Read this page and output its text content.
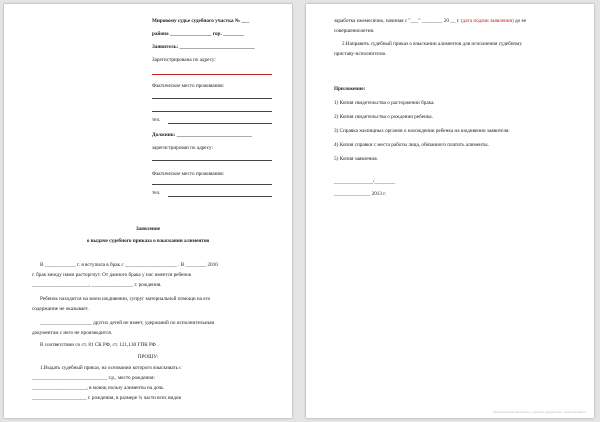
Мировому судье судебного участка № ___
района ________________ гор. ________
Заявитель: _____________________________
Зарегистрирована по адресу:
Фактическое место проживания:
тел.
Должник: _____________________________
зарегистрирован по адресу:
Фактическое место проживания:
тел.
Заявление
о выдаче судебного приказа о взыскании алиментов
В ____________ г. я вступила в брак с ____________________ . В ________ 2010
г. брак между нами расторгнут. От данного брака у нас имеется ребенок
______________________, ________________ г. рождения.
Ребенок находится на моем иждивении, супруг материальной помощи на его
содержание не оказывает.
____________________ других детей не имеет, удержаний по исполнительным
документам с него не производится.
В соответствии со ст. 81 СК РФ, ст. 121,130 ГПК РФ
ПРОШУ:
1.Выдать судебный приказ, на основании которого взыскивать с
_____________________________ г.р., место рождения:
_____________________, в моющ пользу алименты на дочь
_____________________ г. рождения, в размере ¼ части всех видов
заработка ежемесячно, начиная с "___" ________ 20 __ г. (дата подачи заявления) до ее
совершеннолетия.
2.Направить судебный приказ о взыскании алиментов для исполнения судебному
приставу-исполнителю.
Приложение:
1) Копия свидетельства о расторжении брака.
2) Копия свидетельства о рождении ребенка.
3) Справка жилищных органов о нахождении ребенка на иждивении заявителя.
4) Копия справки с места работы лица, обязанного платить алименты.
5) Копия заявления.
_______________/________
______________ 2013 г.
Предоставлено бесплатно • образцы документов • www.example.ru
